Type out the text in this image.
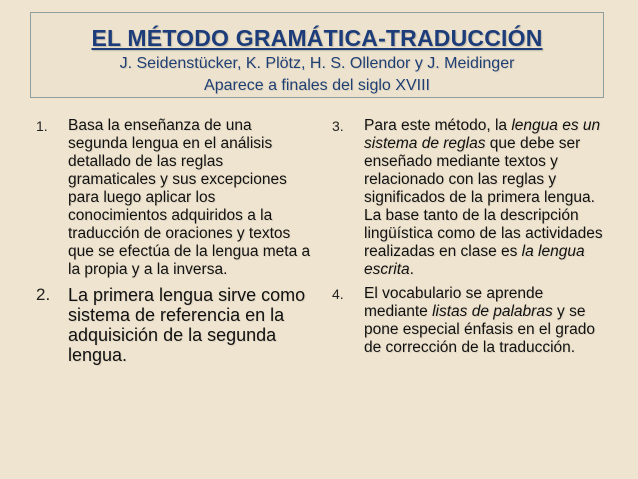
EL MÉTODO GRAMÁTICA-TRADUCCIÓN
J. Seidenstücker, K. Plötz, H. S. Ollendor y J. Meidinger
Aparece a finales del siglo XVIII
1.	Basa la enseñanza de una segunda lengua en el análisis detallado de las reglas gramaticales y sus excepciones para luego aplicar los conocimientos adquiridos a la traducción de oraciones y textos que se efectúa de la lengua meta a la propia y a la inversa.
2. La primera lengua sirve como sistema de referencia en la adquisición de la segunda lengua.
3.	Para este método, la lengua es un sistema de reglas que debe ser enseñado mediante textos y relacionado con las reglas y significados de la primera lengua. La base tanto de la descripción lingüística como de las actividades realizadas en clase es la lengua escrita.
4.	El vocabulario se aprende mediante listas de palabras y se pone especial énfasis en el grado de corrección de la traducción.
